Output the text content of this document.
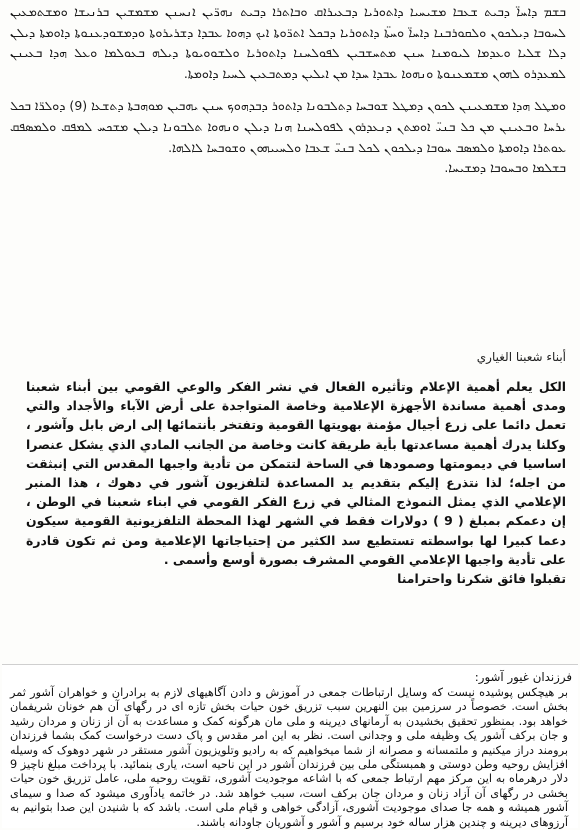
ܒܫܡ ܕܐܚܐ̈ ܕܒܝܬ ܫܥܒܐ ܡܫܝܚܝܐ ܕܐܬܘܪܝܐ ܕܒܥܝܪܐܩ ܘܒܐܬܪܐ ܕܒܝܬ ܢܗܪ̈ܝܢ ܐܢܚܢܢ ܡܫܡܫܝܢ ܒܪܢܝܫܐ ܘܡܫܬܡܥܝܢ ܠܚܘܒܐ ܕܝܠܟܘܢ ܘܠܩܘܪܒܢܐ ܕܐܚܐ̈ ܘܚܬ̈ܐ ܕܐܬܘܪܝܐ ܕܒܟܠ ܐܬܪ̈ܘܬܐ ܐܝܟ ܕܗܘܐ ܥܒܕܐ ܕܫܪܝܪܘܬܐ ܘܕܡܫܘܕܥܢܘܬܐ ܕܐܘܡܬܐ ܕܝܠܢ ܕܠܐ ܫܠܝܐ ܘܥܕܡܐ ܠܝܘܡܢܐ ܚܢܢ ܡܬܚܫܒܝܢ ܠܦܘܠܚܢܐ ܕܐܬܘܪܝܐ ܘܠܫܘܘܝܘܬܐ ܕܝܠܗ ܒܥܘܠܡܐ ܘܥܠ ܗܕܐ ܒܥܝܢܢ ܠܡܥܕܪܘ ܠܗܘܢ ܡܫܡܥܢܘܬܐ ܘܢܗܘܐ ܥܒܕܐ ܚܕܐ ܡܢ ܐܝܠܝܢ ܕܡܬܒܥܝܢ ܠܚܝܐ ܕܐܘܡܬܐ.

ܘܡܛܠ ܗܕܐ ܡܫܡܥܝܢܢ ܠܟܘܢ ܕܡܛܠ ܫܘܒܚܐ ܕܬܠܒܘܢܐ ܕܐܬܘܪ ܕܒܕܗܘܟ ܚܢܢ ܝܗܒܝܢ ܡܘܗܒܬܐ ܕܬܫܥܐ (9) ܕܘܠܪ̈ܐ ܒܟܠ ܝܪܚܐ ܘܒܥܝܢܢ ܡܢ ܟܠ ܒܢܝ̈ ܐܘܡܬܢ ܕܢܥܕܪܘܢ ܠܦܘܠܚܢܐ ܗܢܐ ܕܝܠܢ ܘܢܗܘܐ ܬܠܒܘܢܐ ܕܝܠܢ ܡܫܟܚ ܠܡܦܩ ܘܠܡܣܦܩ ܥܘܬܪܐ ܕܐܘܡܬܐ ܘܠܡܣܒ ܚܘܒܐ ܕܝܠܟܘܢ ܠܟܠ ܒܢܝ̈ ܫܥܒܐ ܘܠܚܝܝܗܘܢ ܘܫܘܒܚܐ ܠܐܠܗܐ.

ܒܫܠܡܐ ܘܒܚܘܒܐ ܕܡܫܝܚܐ.

أبناء شعبنا الغياري

الكل يعلم أهمية الإعلام وتأثيره الفعال في نشر الفكر والوعي القومي بين أبناء شعبنا ومدى أهمية مساندة الأجهزة الإعلامية وخاصة المتواجدة على أرض الآباء والأجداد والتي تعمل دائما على زرع أجيال مؤمنة بهويتها القومية وتفتخر بأنتمائها إلى ارض بابل وآشور ، وكلنا يدرك أهمية مساعدتها بأية طريقة كانت وخاصة من الجانب المادي الذي يشكل عنصرا اساسيا في ديمومتها وصمودها في الساحة لتتمكن من تأدية واجبها المقدس التي إنبثقت من اجله؛ لذا نتذرع إليكم بتقديم يد المساعدة لتلفزيون آشور في دهوك ، هذا المنبر الإعلامي الذي يمثل النموذج المثالي في زرع الفكر القومي في ابناء شعبنا في الوطن ، إن دعمكم بمبلغ ( 9 ) دولارات فقط في الشهر لهذا المحطة التلفزيونية القومية سيكون دعما كبيرا لها بواسطته تستطيع سد الكثير من إحتياجاتها الإعلامية ومن ثم تكون قادرة على تأدية واجبها الإعلامي القومي المشرف بصورة أوسع وأسمى .

تقبلوا فائق شكرنا واحترامنا

فرزندان غیور آشور:

بر هیچکس پوشیده نیست که وسایل ارتباطات جمعی در آموزش و دادن آگاهیهای لازم به برادران و خواهران آشور ثمر بخش است. خصوصاً در سرزمین بین النهرین سبب تزریق خون حیات بخش تازه ای در رگهای آن هم خونان شریفمان خواهد بود. بمنظور تحقیق بخشیدن به آرمانهای دیرینه و ملی مان هرگونه کمک و مساعدت به آن از زنان و مردان رشید و جان برکف آشور یک وظیفه ملی و وجدانی است. نظر به این امر مقدس و پاک دست درخواست کمک بشما فرزندان برومند دراز میکنیم و ملتمسانه و مصرانه از شما میخواهیم که به رادیو وتلویزیون آشور مستقر در شهر دوهوک که وسیله افزایش روحیه وطن دوستی و همبستگی ملی بین فرزندان آشور در این ناحیه است، یاری بنمائید. با پرداخت مبلغ ناچیز 9 دلار درهرماه به این مرکز مهم ارتباط جمعی که با اشاعه موجودیت آشوری، تقویت روحیه ملی، عامل تزریق خون حیات بخشی در رگهای آن آزاد زنان و مردان جان برکف است، سبب خواهد شد. در خاتمه یادآوری میشود که صدا و سیمای آشور همیشه و همه جا صدای موجودیت آشوری، آزادگی خواهی و قیام ملی است. باشد که با شنیدن این صدا بتوانیم به آرزوهای دیرینه و چندین هزار ساله خود برسیم و آشور و آشوریان جاودانه باشند.
